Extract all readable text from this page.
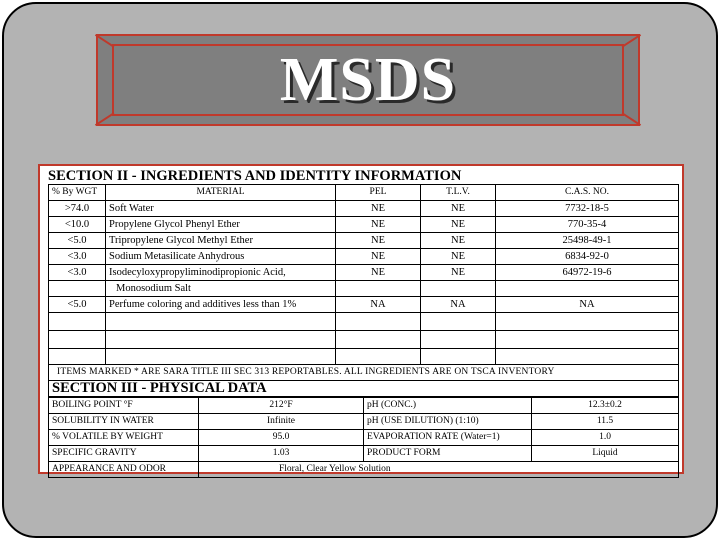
MSDS
SECTION II - INGREDIENTS AND IDENTITY INFORMATION
% By WGT	MATERIAL	PEL	T.L.V.	C.A.S. NO.
>74.0	Soft Water	NE	NE	7732-18-5
<10.0	Propylene Glycol Phenyl Ether	NE	NE	770-35-4
<5.0	Tripropylene Glycol Methyl Ether	NE	NE	25498-49-1
<3.0	Sodium Metasilicate Anhydrous	NE	NE	6834-92-0
<3.0	Isodecyloxypropyliminodipropionic Acid,	NE	NE	64972-19-6
	Monosodium Salt			
<5.0	Perfume coloring and additives less than 1%	NA	NA	NA

ITEMS MARKED * ARE SARA TITLE III SEC 313 REPORTABLES. ALL INGREDIENTS ARE ON TSCA INVENTORY				
SECTION III - PHYSICAL DATA				
BOILING POINT °F	212°F	pH (CONC.)	12.3±0.2
SOLUBILITY IN WATER	Infinite	pH (USE DILUTION) (1:10)	11.5
% VOLATILE BY WEIGHT	95.0	EVAPORATION RATE (Water=1)	1.0
SPECIFIC GRAVITY	1.03	PRODUCT FORM	Liquid
APPEARANCE AND ODOR	Floral, Clear Yellow Solution		
